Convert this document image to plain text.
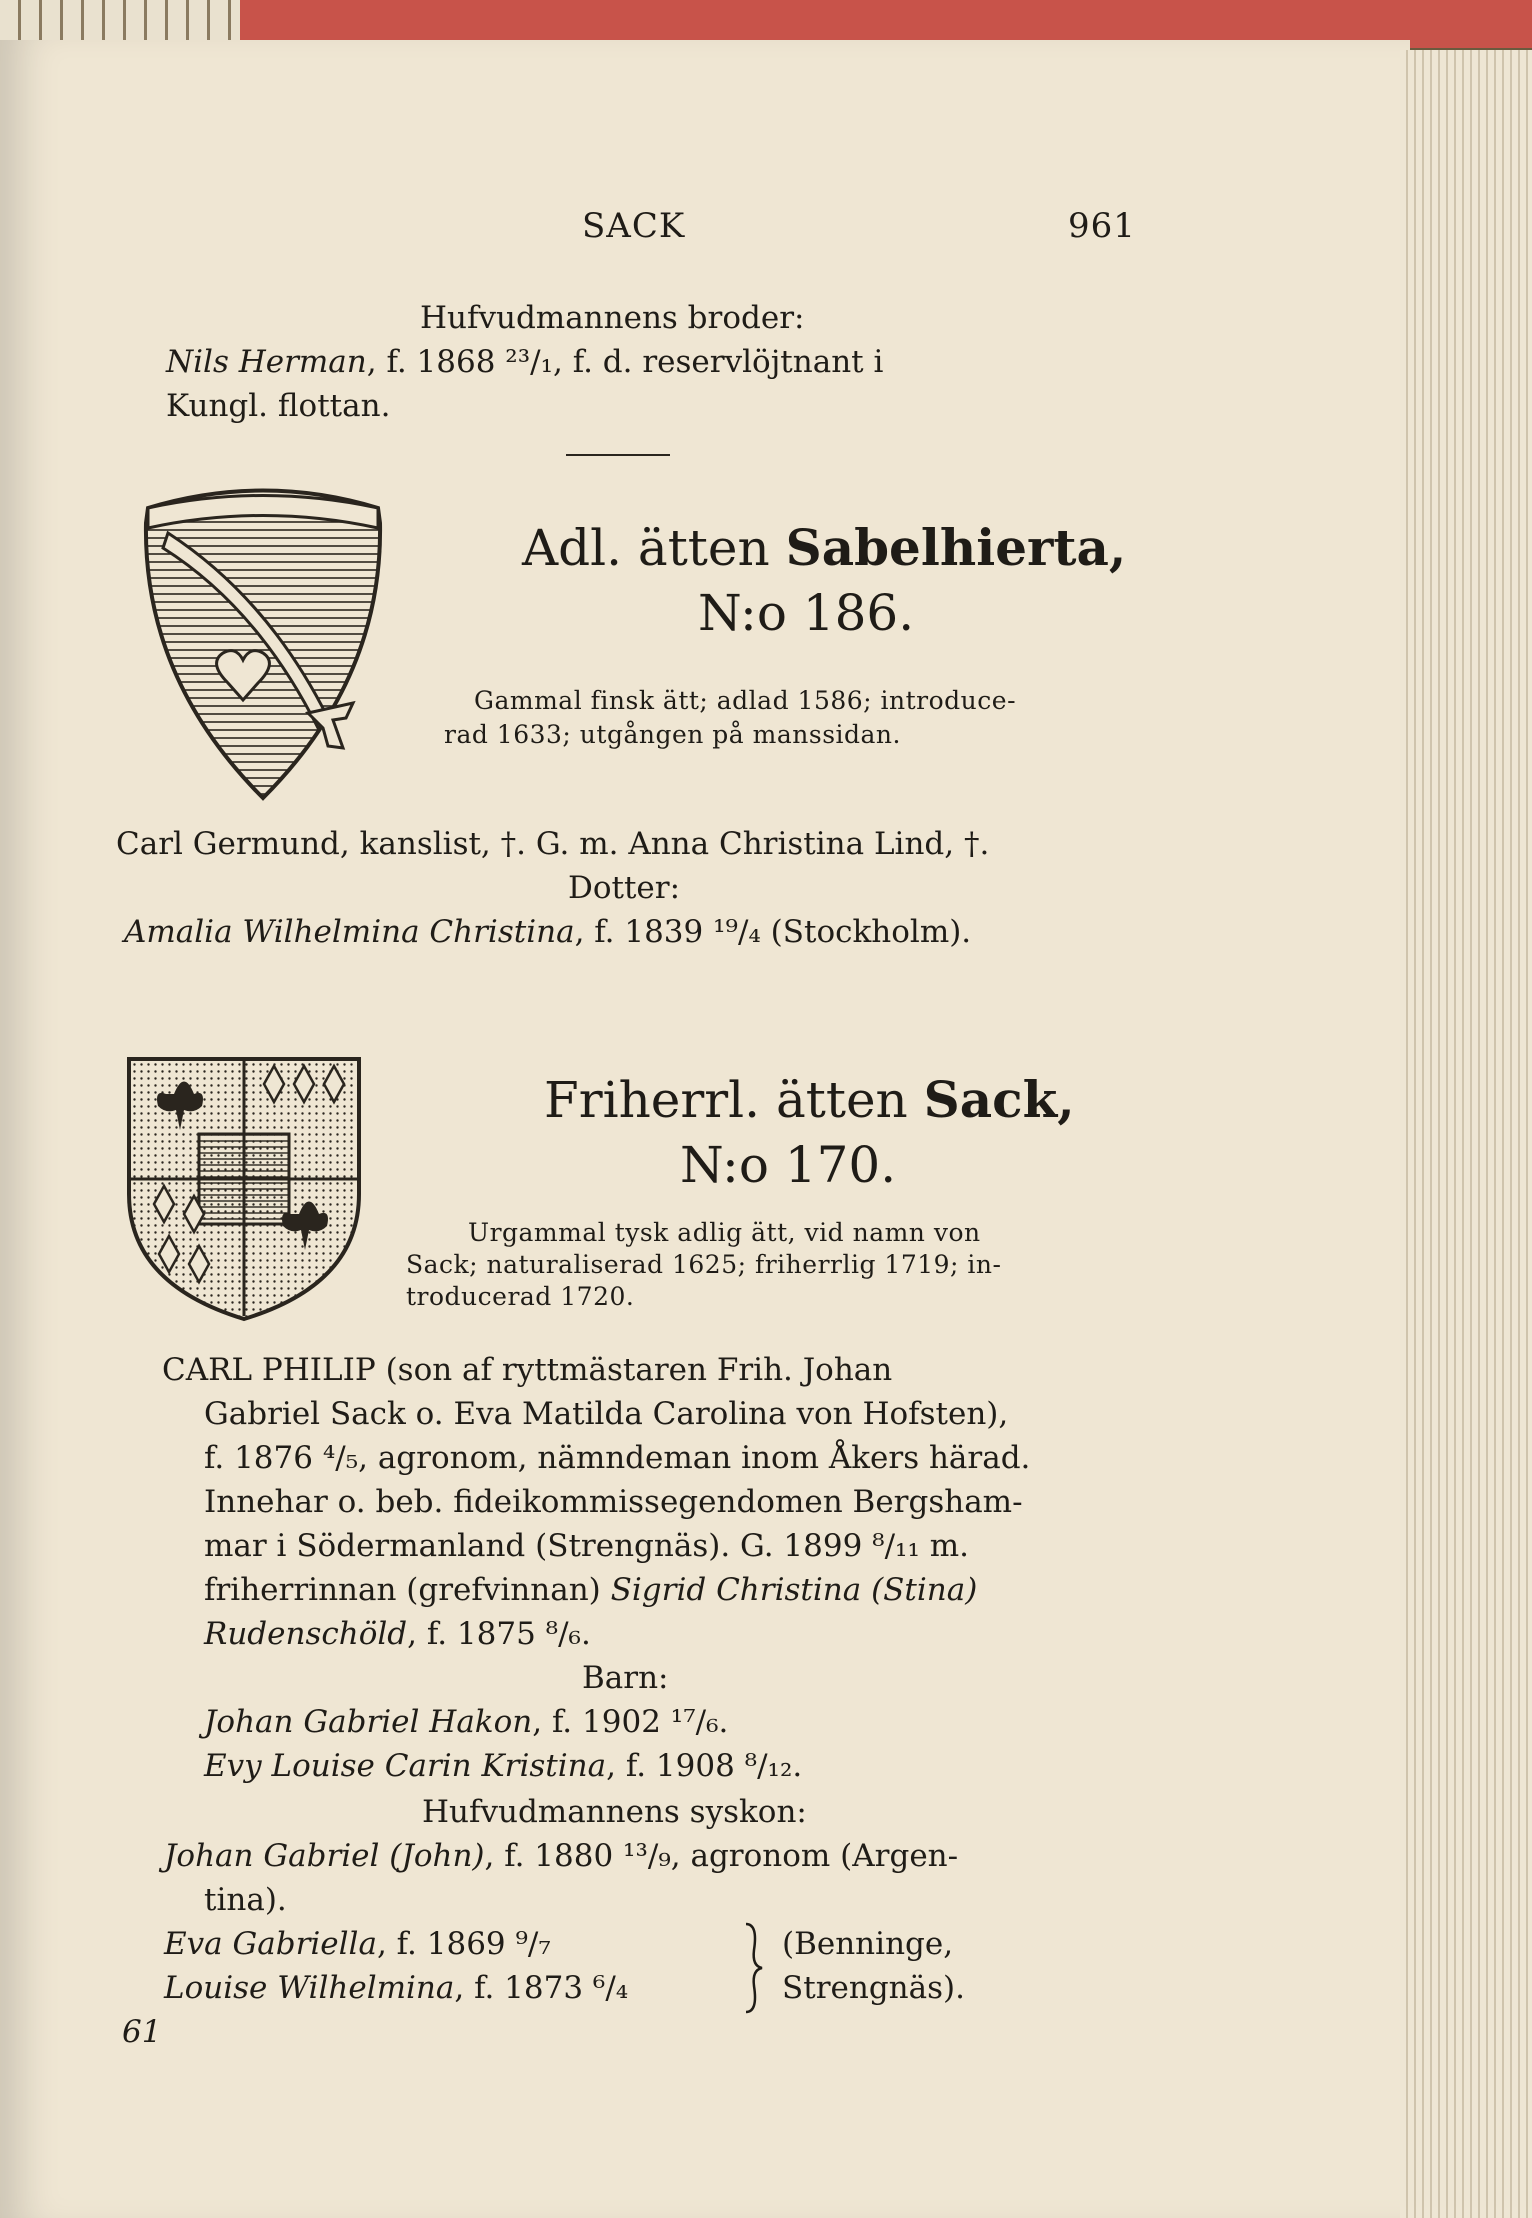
SACK	961
Hufvudmannens broder:
Nils Herman, f. 1868 ²³/₁, f. d. reservlöjtnant i
Kungl. flottan.
Adl. ätten Sabelhierta,
N:o 186.
Gammal finsk ätt; adlad 1586; introduce-
rad 1633; utgången på manssidan.
Carl Germund, kanslist, †. G. m. Anna Christina Lind, †.
Dotter:
Amalia Wilhelmina Christina, f. 1839 ¹⁹/₄ (Stockholm).
Friherrl. ätten Sack,
N:o 170.
Urgammal tysk adlig ätt, vid namn von
Sack; naturaliserad 1625; friherrlig 1719; in-
troducerad 1720.
CARL PHILIP (son af ryttmästaren Frih. Johan
Gabriel Sack o. Eva Matilda Carolina von Hofsten),
f. 1876 ⁴/₅, agronom, nämndeman inom Åkers härad.
Innehar o. beb. fideikommissegendomen Bergsham-
mar i Södermanland (Strengnäs). G. 1899 ⁸/₁₁ m.
friherrinnan (grefvinnan) Sigrid Christina (Stina)
Rudenschöld, f. 1875 ⁸/₆.
Barn:
Johan Gabriel Hakon, f. 1902 ¹⁷/₆.
Evy Louise Carin Kristina, f. 1908 ⁸/₁₂.
Hufvudmannens syskon:
Johan Gabriel (John), f. 1880 ¹³/₉, agronom (Argen-
tina).
Eva Gabriella, f. 1869 ⁹/₇
Louise Wilhelmina, f. 1873 ⁶/₄
(Benninge,
Strengnäs).
61
